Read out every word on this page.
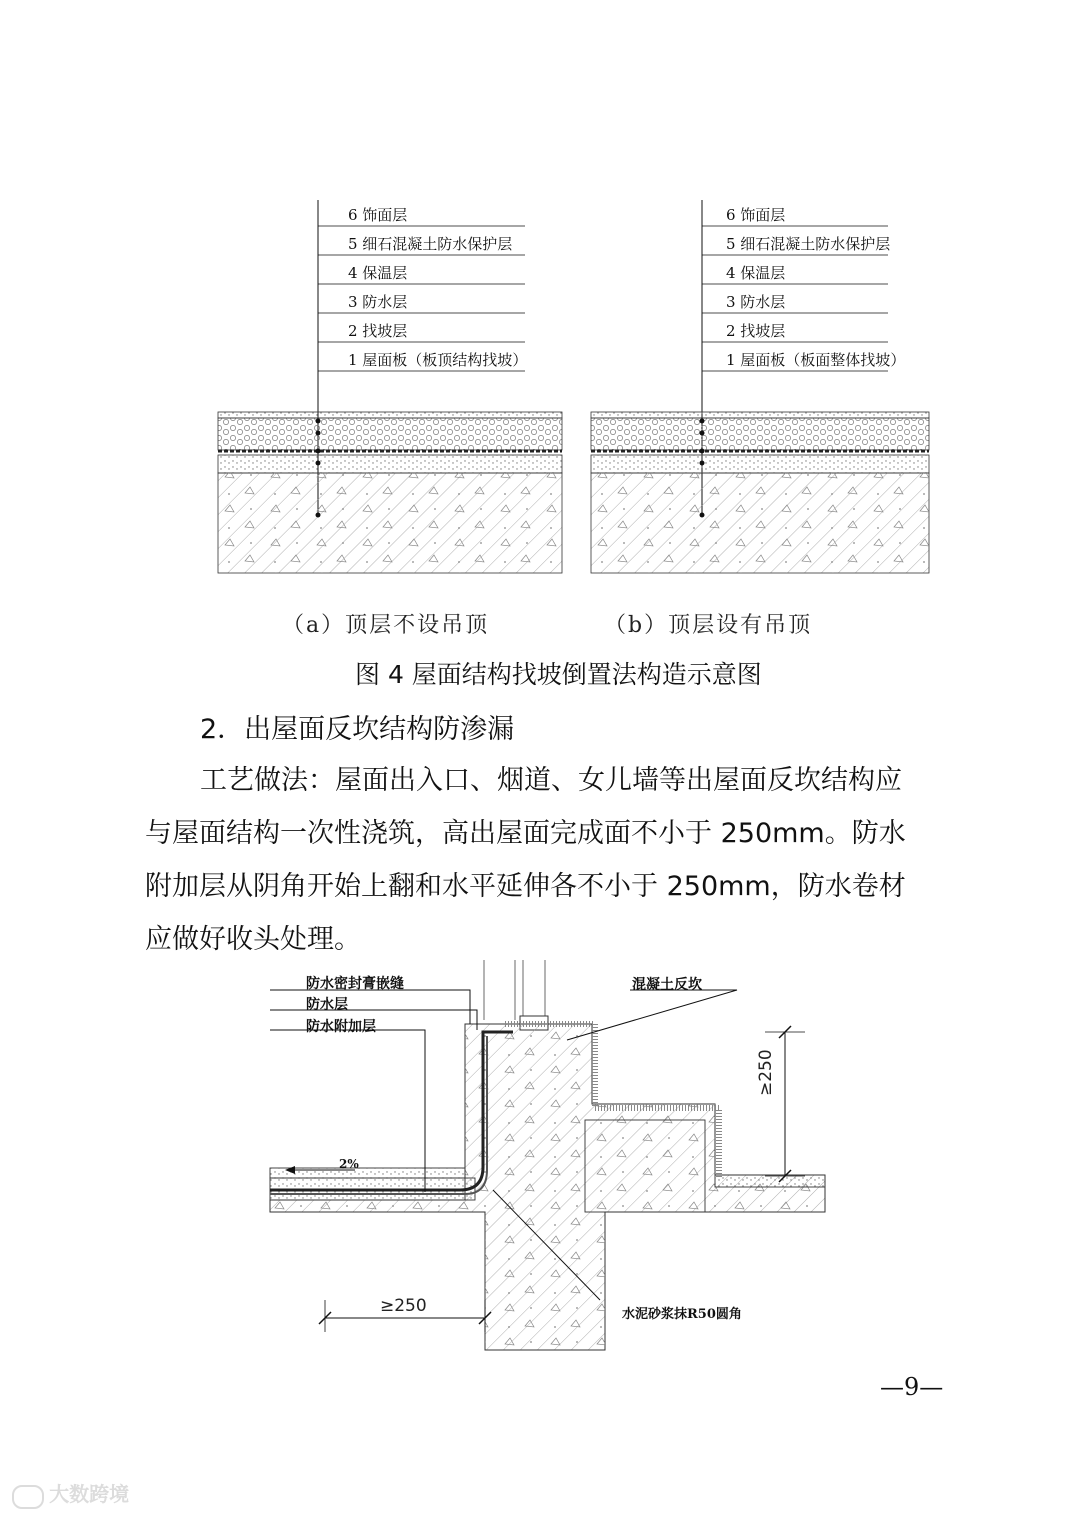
6 饰面层
5 细石混凝土防水保护层
4 保温层
3 防水层
2 找坡层
1 屋面板（板顶结构找坡）
6 饰面层
5 细石混凝土防水保护层
4 保温层
3 防水层
2 找坡层
1 屋面板（板面整体找坡）
（a）顶层不设吊顶	（b）顶层设有吊顶
图 4 屋面结构找坡倒置法构造示意图
2．出屋面反坎结构防渗漏
工艺做法：屋面出入口、烟道、女儿墙等出屋面反坎结构应
与屋面结构一次性浇筑，高出屋面完成面不小于 250mm。防水
附加层从阴角开始上翻和水平延伸各不小于 250mm，防水卷材
应做好收头处理。
防水密封膏嵌缝
防水层
防水附加层
混凝土反坎
2%
水泥砂浆抹R50圆角
≥250
≥250
—9—
大数跨境
